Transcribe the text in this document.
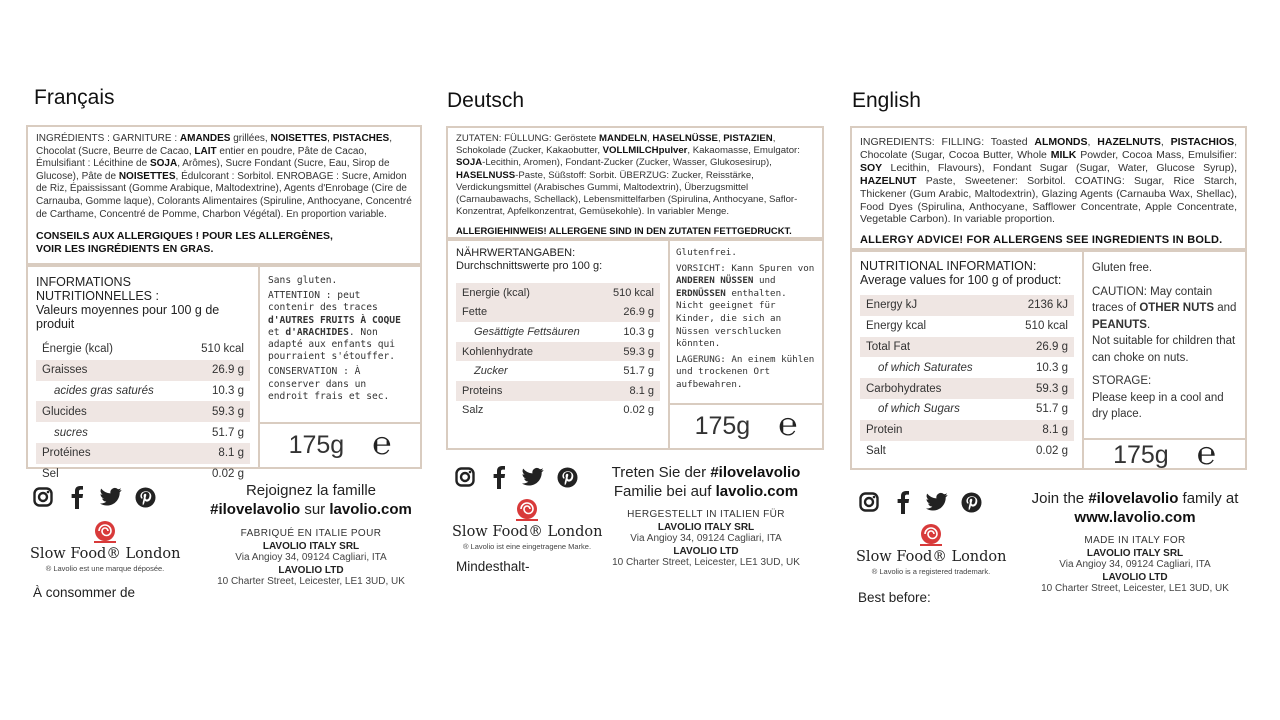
Français
INGRÉDIENTS : GARNITURE : AMANDES grillées, NOISETTES, PISTACHES, Chocolat (Sucre, Beurre de Cacao, LAIT entier en poudre, Pâte de Cacao, Émulsifiant : Lécithine de SOJA, Arômes), Sucre Fondant (Sucre, Eau, Sirop de Glucose), Pâte de NOISETTES, Édulcorant : Sorbitol. ENROBAGE : Sucre, Amidon de Riz, Épaississant (Gomme Arabique, Maltodextrine), Agents d'Enrobage (Cire de Carnauba, Gomme laque), Colorants Alimentaires (Spiruline, Anthocyane, Concentré de Carthame, Concentré de Pomme, Charbon Végétal). En proportion variable.
CONSEILS AUX ALLERGIQUES ! POUR LES ALLERGÈNES,
VOIR LES INGRÉDIENTS EN GRAS.
INFORMATIONS NUTRITIONNELLES :
Valeurs moyennes pour 100 g de produit
Énergie (kcal)	510 kcal
Graisses	26.9 g
acides gras saturés	10.3 g
Glucides	59.3 g
sucres	51.7 g
Protéines	8.1 g
Sel	0.02 g

Sans gluten.

ATTENTION : peut contenir des traces d'AUTRES FRUITS À COQUE et d'ARACHIDES. Non adapté aux enfants qui pourraient s'étouffer.

CONSERVATION : À conserver dans un endroit frais et sec.

175g ℮
Slow Food® London
® Lavolio est une marque déposée.
À consommer de
Rejoignez la famille
#ilovelavolio sur lavolio.com
FABRIQUÉ EN ITALIE POUR
LAVOLIO ITALY SRL
Via Angioy 34, 09124 Cagliari, ITA
LAVOLIO LTD
10 Charter Street, Leicester, LE1 3UD, UK
Deutsch
ZUTATEN: FÜLLUNG: Geröstete MANDELN, HASELNÜSSE, PISTAZIEN, Schokolade (Zucker, Kakaobutter, VOLLMILCHpulver, Kakaomasse, Emulgator: SOJA-Lecithin, Aromen), Fondant-Zucker (Zucker, Wasser, Glukosesirup), HASELNUSS-Paste, Süßstoff: Sorbit. ÜBERZUG: Zucker, Reisstärke, Verdickungsmittel (Arabisches Gummi, Maltodextrin), Überzugsmittel (Carnaubawachs, Schellack), Lebensmittelfarben (Spirulina, Anthocyane, Saflor-Konzentrat, Apfelkonzentrat, Gemüsekohle). In variabler Menge.
ALLERGIEHINWEIS! ALLERGENE SIND IN DEN ZUTATEN FETTGEDRUCKT.
NÄHRWERTANGABEN:
Durchschnittswerte pro 100 g:
Energie (kcal)	510 kcal
Fette	26.9 g
Gesättigte Fettsäuren	10.3 g
Kohlenhydrate	59.3 g
Zucker	51.7 g
Proteins	8.1 g
Salz	0.02 g

Glutenfrei.

VORSICHT: Kann Spuren von ANDEREN NÜSSEN und ERDNÜSSEN enthalten. Nicht geeignet für Kinder, die sich an Nüssen verschlucken könnten.

LAGERUNG: An einem kühlen und trockenen Ort aufbewahren.

175g ℮
Slow Food® London
® Lavolio ist eine eingetragene Marke.
Mindesthalt-
Treten Sie der #ilovelavolio
Familie bei auf lavolio.com
HERGESTELLT IN ITALIEN FÜR
LAVOLIO ITALY SRL
Via Angioy 34, 09124 Cagliari, ITA
LAVOLIO LTD
10 Charter Street, Leicester, LE1 3UD, UK
English
INGREDIENTS: FILLING: Toasted ALMONDS, HAZELNUTS, PISTACHIOS, Chocolate (Sugar, Cocoa Butter, Whole MILK Powder, Cocoa Mass, Emulsifier: SOY Lecithin, Flavours), Fondant Sugar (Sugar, Water, Glucose Syrup), HAZELNUT Paste, Sweetener: Sorbitol. COATING: Sugar, Rice Starch, Thickener (Gum Arabic, Maltodextrin), Glazing Agents (Carnauba Wax, Shellac), Food Dyes (Spirulina, Anthocyane, Safflower Concentrate, Apple Concentrate, Vegetable Carbon). In variable proportion.
ALLERGY ADVICE! FOR ALLERGENS SEE INGREDIENTS IN BOLD.
NUTRITIONAL INFORMATION:
Average values for 100 g of product:
Energy kJ	2136 kJ
Energy kcal	510 kcal
Total Fat	26.9 g
of which Saturates	10.3 g
Carbohydrates	59.3 g
of which Sugars	51.7 g
Protein	8.1 g
Salt	0.02 g

Gluten free.

CAUTION: May contain traces of OTHER NUTS and PEANUTS.
Not suitable for children that can choke on nuts.

STORAGE:
Please keep in a cool and dry place.

175g ℮
Slow Food® London
® Lavolio is a registered trademark.
Best before:
Join the #ilovelavolio family at www.lavolio.com
MADE IN ITALY FOR
LAVOLIO ITALY SRL
Via Angioy 34, 09124 Cagliari, ITA
LAVOLIO LTD
10 Charter Street, Leicester, LE1 3UD, UK
